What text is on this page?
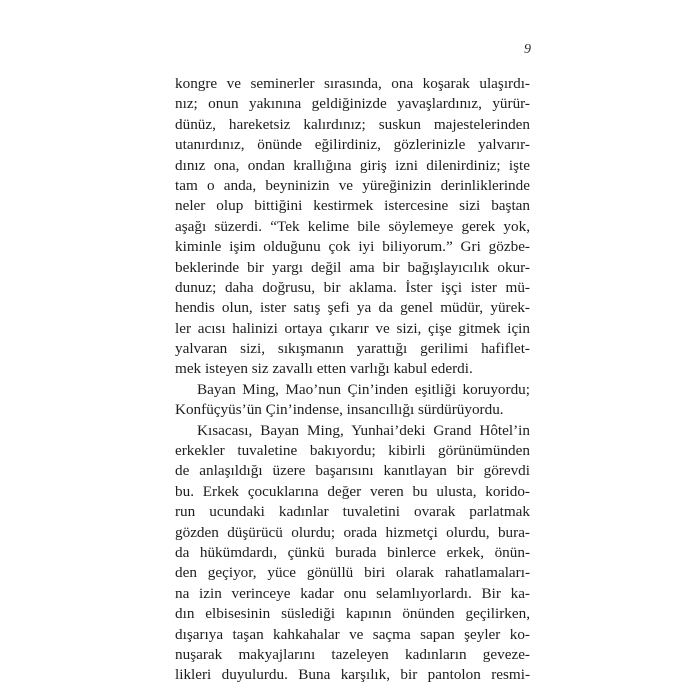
9
kongre ve seminerler sırasında, ona koşarak ulaşırdı-
nız; onun yakınına geldiğinizde yavaşlardınız, yürür-
dünüz, hareketsiz kalırdınız; suskun majestelerinden
utanırdınız, önünde eğilirdiniz, gözlerinizle yalvarır-
dınız ona, ondan krallığına giriş izni dilenirdiniz; işte
tam o anda, beyninizin ve yüreğinizin derinliklerinde
neler olup bittiğini kestirmek istercesine sizi baştan
aşağı süzerdi. “Tek kelime bile söylemeye gerek yok,
kiminle işim olduğunu çok iyi biliyorum.” Gri gözbe-
beklerinde bir yargı değil ama bir bağışlayıcılık okur-
dunuz; daha doğrusu, bir aklama. İster işçi ister mü-
hendis olun, ister satış şefi ya da genel müdür, yürek-
ler acısı halinizi ortaya çıkarır ve sizi, çişe gitmek için
yalvaran sizi, sıkışmanın yarattığı gerilimi hafiflet-
mek isteyen siz zavallı etten varlığı kabul ederdi.
Bayan Ming, Mao’nun Çin’inden eşitliği koruyordu;
Konfüçyüs’ün Çin’indense, insancıllığı sürdürüyordu.
Kısacası, Bayan Ming, Yunhai’deki Grand Hôtel’in
erkekler tuvaletine bakıyordu; kibirli görünümünden
de anlaşıldığı üzere başarısını kanıtlayan bir görevdi
bu. Erkek çocuklarına değer veren bu ulusta, korido-
run ucundaki kadınlar tuvaletini ovarak parlatmak
gözden düşürücü olurdu; orada hizmetçi olurdu, bura-
da hükümdardı, çünkü burada binlerce erkek, önün-
den geçiyor, yüce gönüllü biri olarak rahatlamaları-
na izin verinceye kadar onu selamlıyorlardı. Bir ka-
dın elbisesinin süslediği kapının önünden geçilirken,
dışarıya taşan kahkahalar ve saçma sapan şeyler ko-
nuşarak makyajlarını tazeleyen kadınların geveze-
likleri duyulurdu. Buna karşılık, bir pantolon resmi-
